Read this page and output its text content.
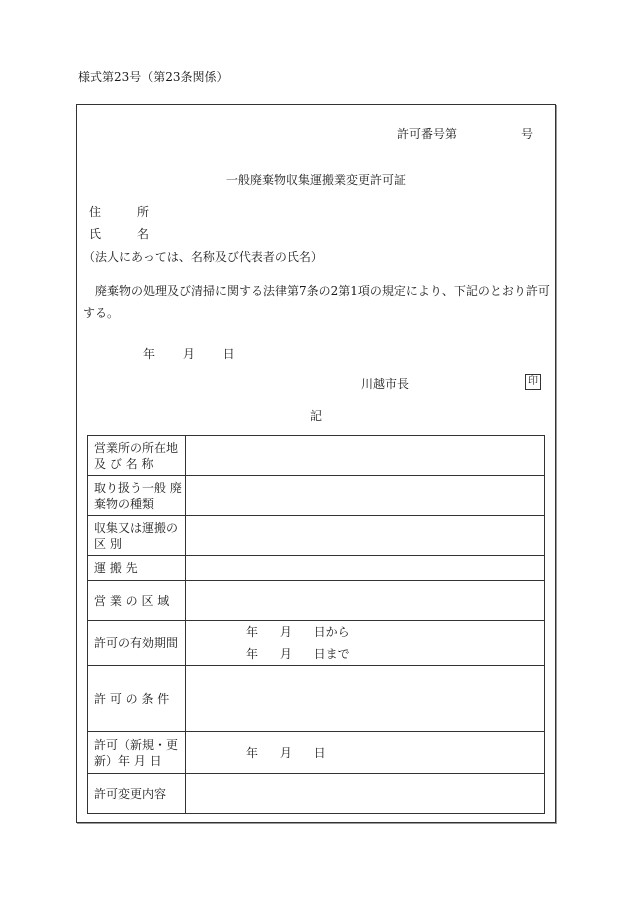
様式第23号（第23条関係）
許可番号第	号
一般廃棄物収集運搬業変更許可証
住	所
氏	名
（法人にあっては、名称及び代表者の氏名）
廃棄物の処理及び清掃に関する法律第7条の2第1項の規定により、下記のとおり許可する。
年 月 日
川越市長	印
記
営業所の所在地 及 び 名 称	
取り扱う一般 廃棄物の種類	
収集又は運搬の 区 別	
運 搬 先	
営 業 の 区 域	
許可の有効期間	年 月 日から
年 月 日まで

許 可 の 条 件	
許可（新規・更 新）年 月 日	年 月 日

許可変更内容	
